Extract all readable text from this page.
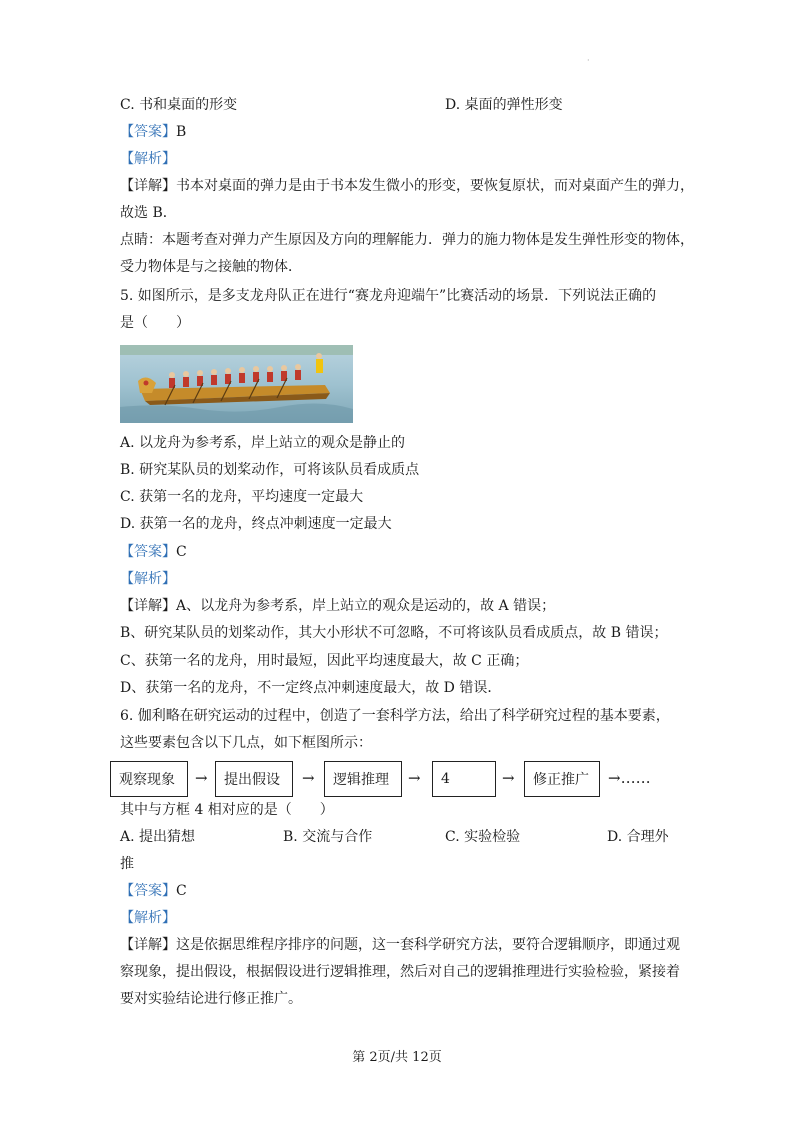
·
C. 书和桌面的形变	D. 桌面的弹性形变
【答案】B
【解析】
【详解】书本对桌面的弹力是由于书本发生微小的形变，要恢复原状，而对桌面产生的弹力，
故选 B．
点睛：本题考查对弹力产生原因及方向的理解能力．弹力的施力物体是发生弹性形变的物体，
受力物体是与之接触的物体．
5. 如图所示，是多支龙舟队正在进行“赛龙舟迎端午”比赛活动的场景．下列说法正确的
是（　　）
A. 以龙舟为参考系，岸上站立的观众是静止的
B. 研究某队员的划桨动作，可将该队员看成质点
C. 获第一名的龙舟，平均速度一定最大
D. 获第一名的龙舟，终点冲刺速度一定最大
【答案】C
【解析】
【详解】A、以龙舟为参考系，岸上站立的观众是运动的，故 A 错误；
B、研究某队员的划桨动作，其大小形状不可忽略，不可将该队员看成质点，故 B 错误；
C、获第一名的龙舟，用时最短，因此平均速度最大，故 C 正确；
D、获第一名的龙舟，不一定终点冲刺速度最大，故 D 错误．
6. 伽利略在研究运动的过程中，创造了一套科学方法，给出了科学研究过程的基本要素，
这些要素包含以下几点，如下框图所示：
观察现象	→	提出假设	→	逻辑推理	→	4	→	修正推广	→……
其中与方框 4 相对应的是（　　）
A. 提出猜想	B. 交流与合作	C. 实验检验	D. 合理外
推
【答案】C
【解析】
【详解】这是依据思维程序排序的问题，这一套科学研究方法，要符合逻辑顺序，即通过观
察现象，提出假设，根据假设进行逻辑推理，然后对自己的逻辑推理进行实验检验，紧接着
要对实验结论进行修正推广。
第 2页/共 12页
